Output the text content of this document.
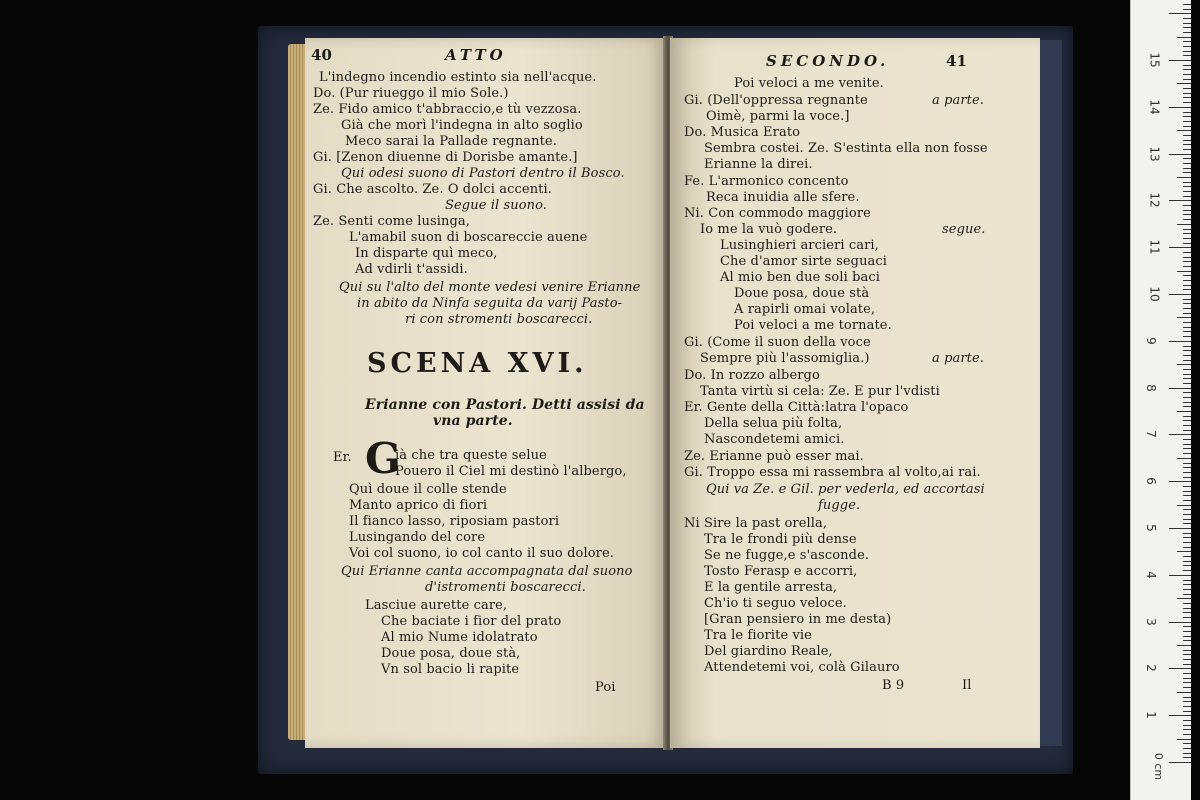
40	ATTO
L'indegno incendio estinto sia nell'acque.
Do. (Pur riueggo il mio Sole.)
Ze. Fido amico t'abbraccio,e tù vezzosa.
Già che morì l'indegna in alto soglio
Meco sarai la Pallade regnante.
Gi. [Zenon diuenne di Dorisbe amante.]
Qui odesi suono di Pastori dentro il Bosco.
Gi. Che ascolto. Ze. O dolci accenti.
Segue il suono.
Ze. Senti come lusinga,
L'amabil suon di boscareccie auene
In disparte quì meco,
Ad vdirli t'assidi.
Qui su l'alto del monte vedesi venire Erianne
in abito da Ninfa seguita da varij Pasto-
ri con stromenti boscarecci.
SCENA XVI.
Erianne con Pastori. Detti assisi da
vna parte.
Er. G
ià che tra queste selue
Pouero il Ciel mi destinò l'albergo,
Quì doue il colle stende
Manto aprico di fiori
Il fianco lasso, riposiam pastori
Lusingando del core
Voi col suono, io col canto il suo dolore.
Qui Erianne canta accompagnata dal suono
d'istromenti boscarecci.
Lasciue aurette care,
Che baciate i fior del prato
Al mio Nume idolatrato
Doue posa, doue stà,
Vn sol bacio li rapite
Poi
SECONDO.	41
Poi veloci a me venite.
Gi. (Dell'oppressa regnante
Oimè, parmi la voce.]
Do. Musica Erato
Sembra costei. Ze. S'estinta ella non fosse
Erianne la direi.
Fe. L'armonico concento
Reca inuidia alle sfere.
Ni. Con commodo maggiore
Io me la vuò godere.
Lusinghieri arcieri cari,
Che d'amor sirte seguaci
Al mio ben due soli baci
Doue posa, doue stà
A rapirli omai volate,
Poi veloci a me tornate.
Gi. (Come il suon della voce
Sempre più l'assomiglia.)
Do. In rozzo albergo
Tanta virtù si cela: Ze. E pur l'vdisti
Er. Gente della Città:latra l'opaco
Della selua più folta,
Nascondetemi amici.
Ze. Erianne può esser mai.
Gi. Troppo essa mi rassembra al volto,ai rai.
Qui va Ze. e Gil. per vederla, ed accortasi
fugge.
Ni Sire la past orella,
Tra le frondi più dense
Se ne fugge,e s'asconde.
Tosto Ferasp e accorri,
E la gentile arresta,
Ch'io ti seguo veloce.
[Gran pensiero in me desta)
Tra le fiorite vie
Del giardino Reale,
Attendetemi voi, colà Gilauro
a parte.
segue.
a parte.
B 9	Il
0 cm
1
2
3
4
5
6
7
8
9
10
11
12
13
14
15
